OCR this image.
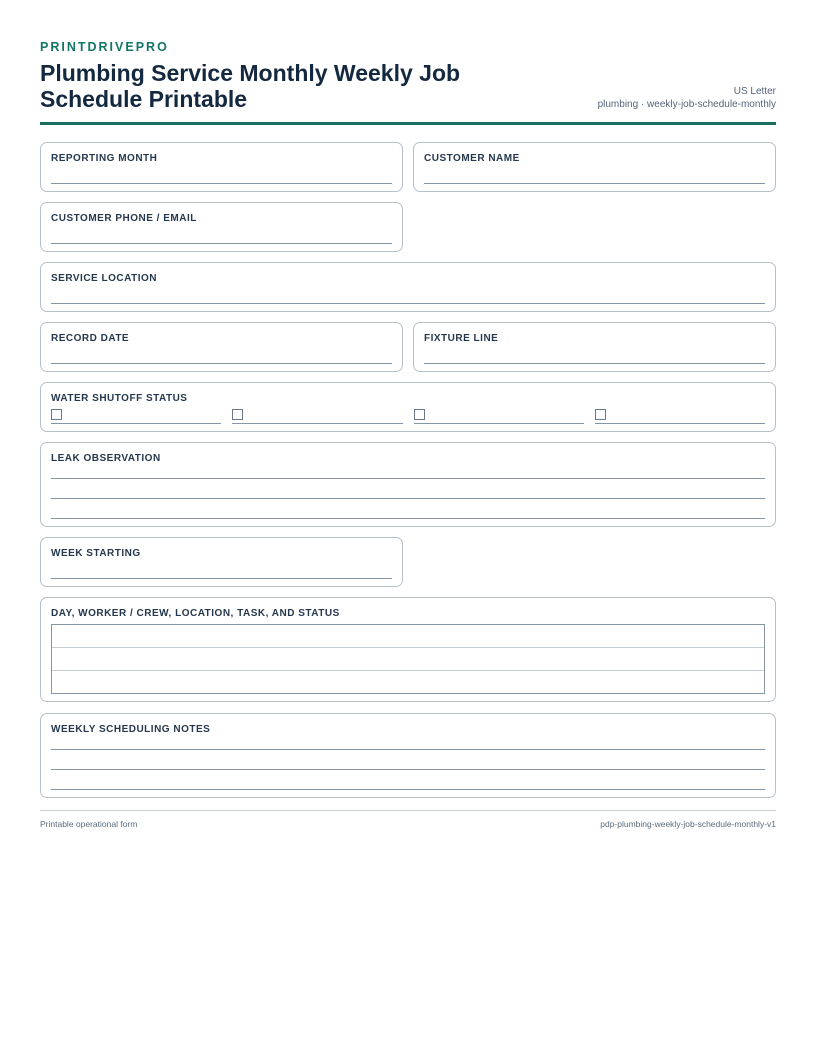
PRINTDRIVEPRO
Plumbing Service Monthly Weekly Job Schedule Printable	US Letter
plumbing · weekly-job-schedule-monthly
REPORTING MONTH	CUSTOMER NAME
CUSTOMER PHONE / EMAIL
SERVICE LOCATION
RECORD DATE	FIXTURE LINE
WATER SHUTOFF STATUS
LEAK OBSERVATION
WEEK STARTING
DAY, WORKER / CREW, LOCATION, TASK, AND STATUS
WEEKLY SCHEDULING NOTES
Printable operational form	pdp-plumbing-weekly-job-schedule-monthly-v1
